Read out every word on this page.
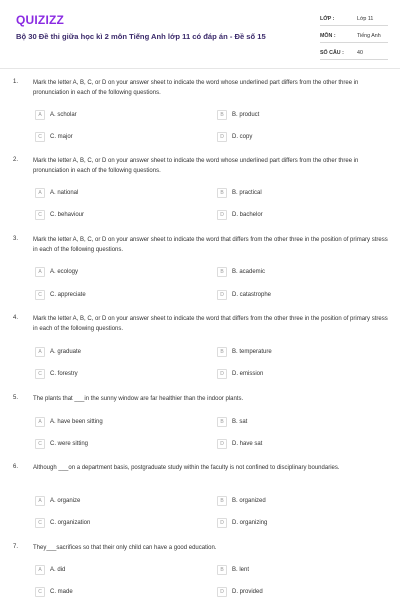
QUIZIZZ
Bộ 30 Đề thi giữa học kì 2 môn Tiếng Anh lớp 11 có đáp án - Đề số 15
LỚP :	Lớp 11
MÔN :	Tiếng Anh
SỐ CÂU :	40
1. Mark the letter A, B, C, or D on your answer sheet to indicate the word whose underlined part differs from the other three in pronunciation in each of the following questions.
A	A. scholar	B	B. product
C	C. major	D	D. copy
2. Mark the letter A, B, C, or D on your answer sheet to indicate the word whose underlined part differs from the other three in pronunciation in each of the following questions.
A	A. national	B	B. practical
C	C. behaviour	D	D. bachelor
3. Mark the letter A, B, C, or D on your answer sheet to indicate the word that differs from the other three in the position of primary stress in each of the following questions.
A	A. ecology	B	B. academic
C	C. appreciate	D	D. catastrophe
4. Mark the letter A, B, C, or D on your answer sheet to indicate the word that differs from the other three in the position of primary stress in each of the following questions.
A	A. graduate	B	B. temperature
C	C. forestry	D	D. emission
5. The plants that ___in the sunny window are far healthier than the indoor plants.
A	A. have been sitting	B	B. sat
C	C. were sitting	D	D. have sat
6. Although ___on a department basis, postgraduate study within the faculty is not confined to disciplinary boundaries.
A	A. organize	B	B. organized
C	C. organization	D	D. organizing
7. They___sacrifices so that their only child can have a good education.
A	A. did	B	B. lent
C	C. made	D	D. provided
